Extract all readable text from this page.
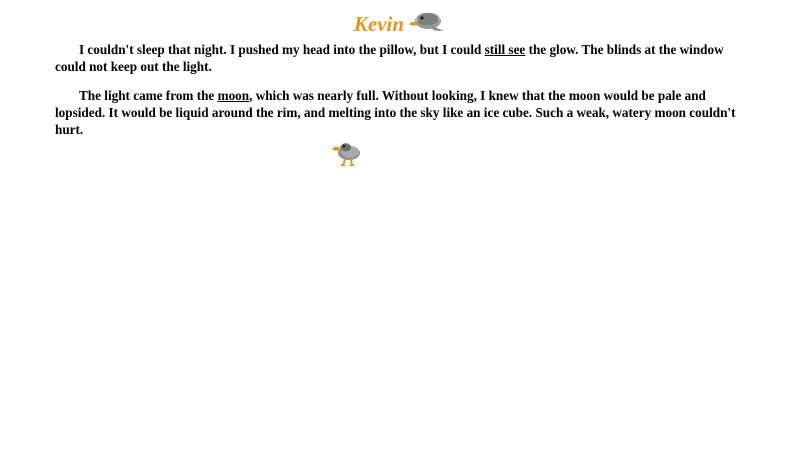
Kevin

I couldn't sleep that night. I pushed my head into the pillow, but I could still see the glow. The blinds at the window could not keep out the light.

The light came from the moon, which was nearly full. Without looking, I knew that the moon would be pale and lopsided. It would be liquid around the rim, and melting into the sky like an ice cube. Such a weak, watery moon couldn't hurt.
